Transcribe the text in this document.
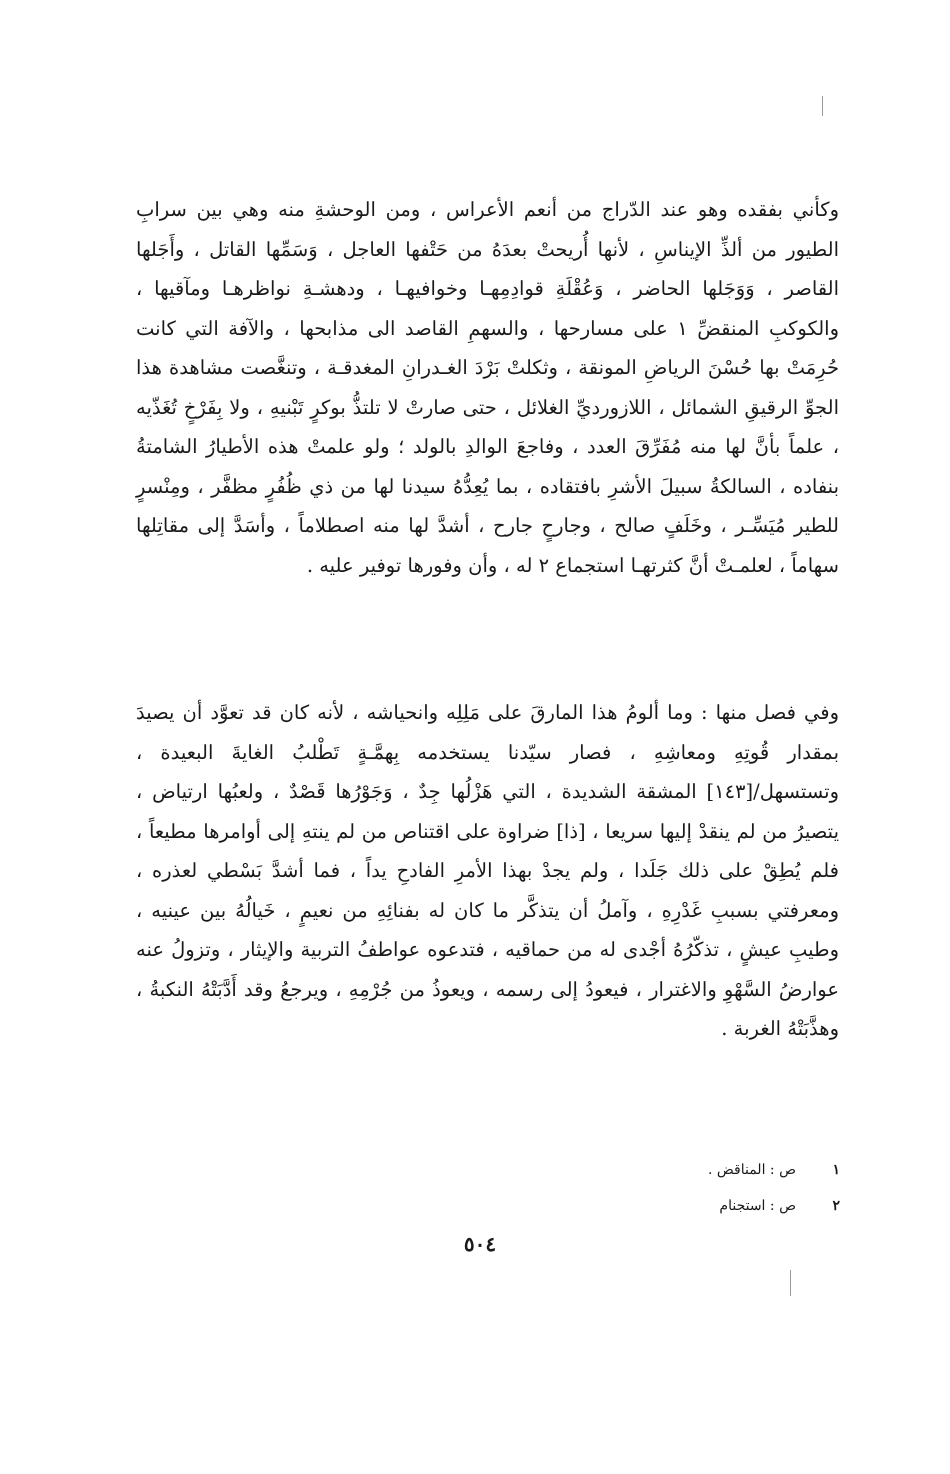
وكأني بفقده وهو عند الدّراج من أنعم الأعراس ، ومن الوحشةِ منه وهي بين سرابِ الطيور من ألذِّ الإيناسِ ، لأنها أُريحتْ بعدَهُ من حَتْفها العاجل ، وَسَمِّها القاتل ، وأَجَلها القاصر ، وَوَجَلها الحاضر ، وَعُقْلَةِ قوادِمِهـا وخوافيهـا ، ودهشـةِ نواظرهـا ومآقيها ، والكوكبِ المنقضِّ ١ على مسارحها ، والسهمِ القاصد الى مذابحها ، والآفة التي كانت حُرِمَتْ بها حُسْنَ الرياضِ المونقة ، وثكلتْ بَرْدَ الغـدرانِ المغدقـة ، وتنغَّصت مشاهدة هذا الجوِّ الرقيقِ الشمائل ، اللازورديِّ الغلائل ، حتى صارتْ لا تلتذُّ بوكرٍ تَبْنيهِ ، ولا بِفَرْخٍ تُغَذّيه ، علماً بأنَّ لها منه مُفَرِّقَ العدد ، وفاجعَ الوالدِ بالولد ؛ ولو علمتْ هذه الأطيارُ الشامتةُ بنفاده ، السالكةُ سبيلَ الأشرِ بافتقاده ، بما يُعِدُّهُ سيدنا لها من ذي ظُفُرٍ مظفَّر ، ومِنْسرٍ للطير مُيَسِّـر ، وخَلَفٍ صالح ، وجارحٍ جارح ، أشدَّ لها منه اصطلاماً ، وأسَدَّ إلى مقاتِلها سهاماً ، لعلمـتْ أنَّ كثرتهـا استجماع ٢ له ، وأن وفورها توفير عليه .

وفي فصل منها : وما ألومُ هذا المارقَ على مَلِلِه وانحياشه ، لأنه كان قد تعوَّد أن يصيدَ بمقدار قُوتِهِ ومعاشِهِ ، فصار سيّدنا يستخدمه بِهمَّـةٍ تَطْلبُ الغايةَ البعيدة ، وتستسهل/[١٤٣] المشقة الشديدة ، التي هَزْلُها جِدٌ ، وَجَوْرُها قَصْدٌ ، ولعبُها ارتياض ، يتصيرُ من لم ينقدْ إليها سريعا ، [ذا] ضراوة على اقتناص من لم ينتهِ إلى أوامرها مطيعاً ، فلم يُطِقْ على ذلك جَلَدا ، ولم يجدْ بهذا الأمرِ الفادحِ يداً ، فما أشدَّ بَسْطي لعذره ، ومعرفتي بسببِ غَدْرِهِ ، وآملُ أن يتذكَّر ما كان له بفنائِهِ من نعيمٍ ، خَيالُهُ بين عينيه ، وطيبِ عيشٍ ، تذكّرُهُ أجْدى له من حماقيه ، فتدعوه عواطفُ التربية والإيثار ، وتزولُ عنه عوارضُ السَّهْوِ والاغترار ، فيعودُ إلى رسمه ، ويعوذُ من جُرْمِهِ ، ويرجعُ وقد أَدَّبَتْهُ النكبةُ ، وهذَّبَتْهُ الغربة .

١
ص : المناقض .
٢
ص : استجنام
٥٠٤
